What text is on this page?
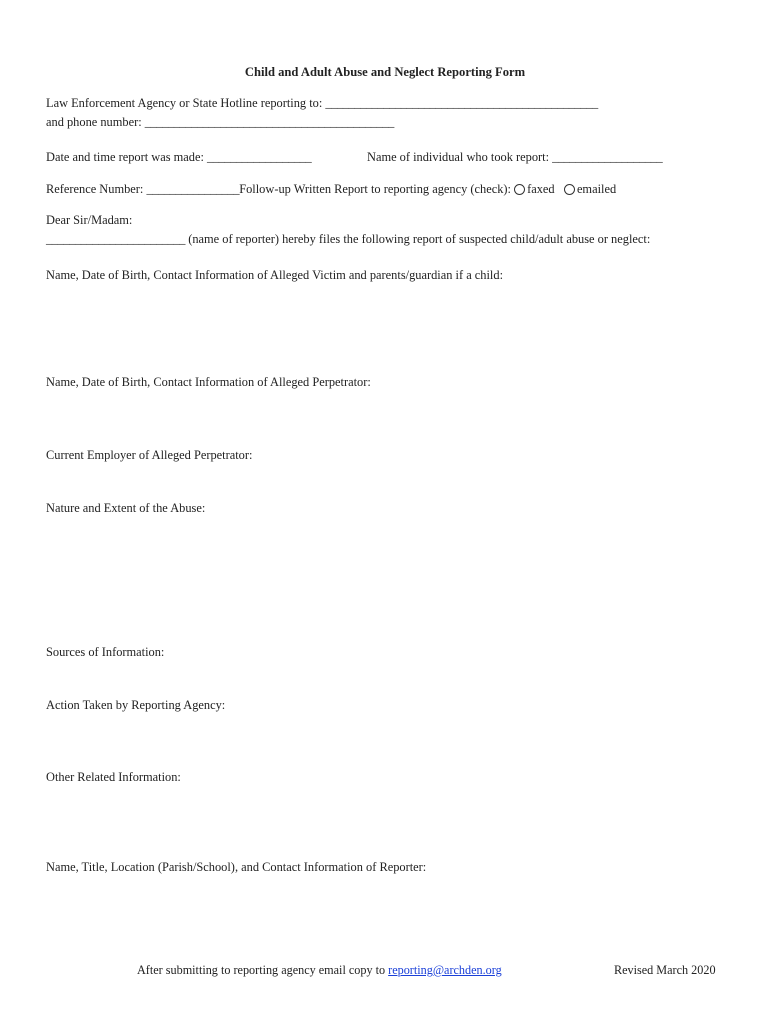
Child and Adult Abuse and Neglect Reporting Form
Law Enforcement Agency or State Hotline reporting to: _______________________________________________
and phone number: ___________________________________________
Date and time report was made: __________________	Name of individual who took report: ___________________
Reference Number: ________________Follow-up Written Report to reporting agency (check): faxed emailed
Dear Sir/Madam:
________________________ (name of reporter) hereby files the following report of suspected child/adult abuse or neglect:
Name, Date of Birth, Contact Information of Alleged Victim and parents/guardian if a child:
Name, Date of Birth, Contact Information of Alleged Perpetrator:
Current Employer of Alleged Perpetrator:
Nature and Extent of the Abuse:
Sources of Information:
Action Taken by Reporting Agency:
Other Related Information:
Name, Title, Location (Parish/School), and Contact Information of Reporter:
After submitting to reporting agency email copy to reporting@archden.org	Revised March 2020
